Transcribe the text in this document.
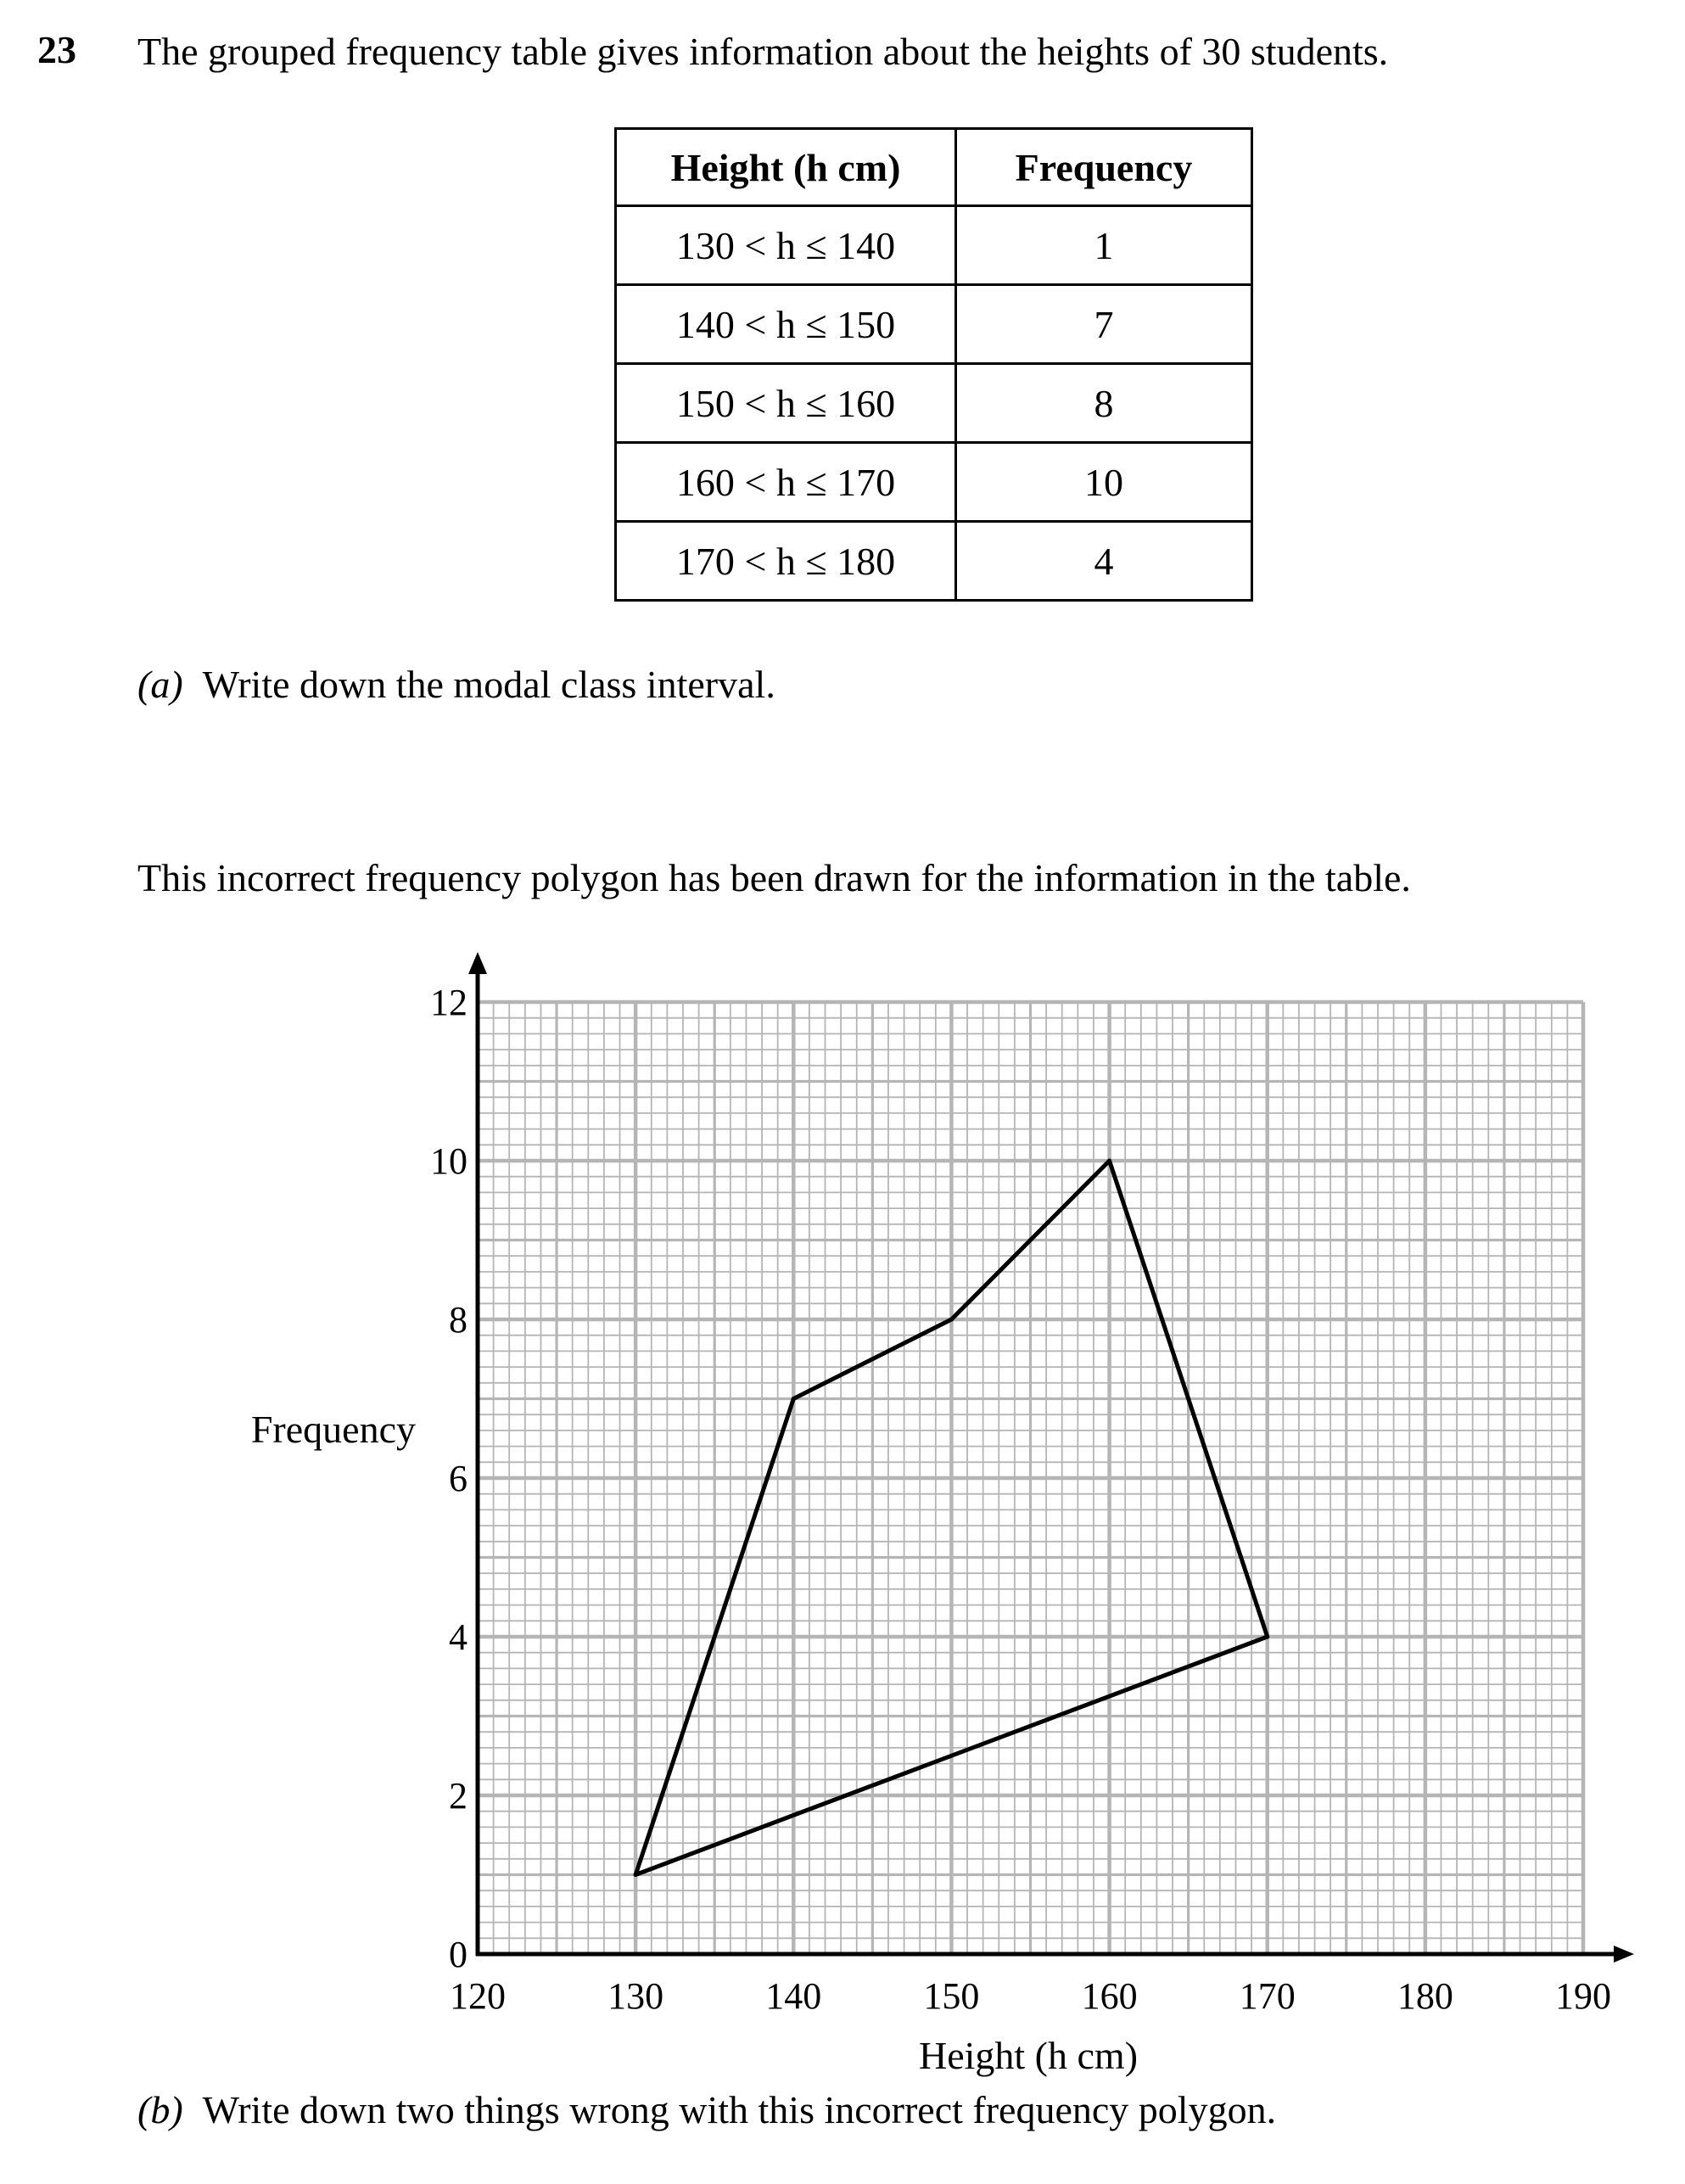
23 The grouped frequency table gives information about the heights of 30 students.
Height (h cm)	Frequency
130 < h ≤ 140	1
140 < h ≤ 150	7
150 < h ≤ 160	8
160 < h ≤ 170	10
170 < h ≤ 180	4
(a) Write down the modal class interval.
This incorrect frequency polygon has been drawn for the information in the table.
120	130	140	150	160	170	180	190
0
2
4
6
8
10
12
Frequency
Height (h cm)
(b) Write down two things wrong with this incorrect frequency polygon.
